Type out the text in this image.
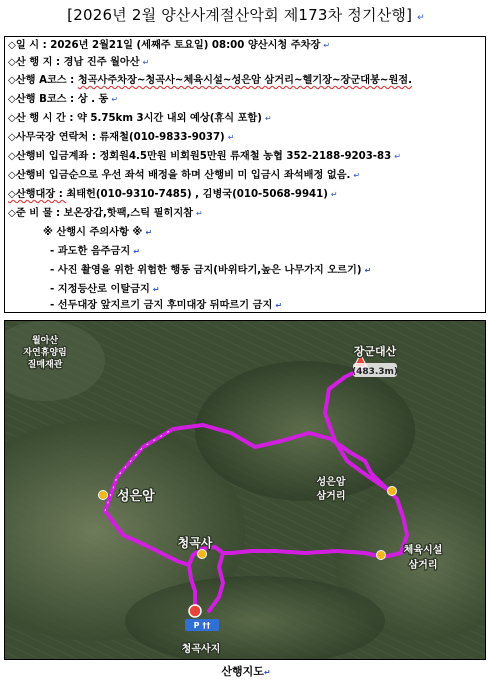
[2026년 2월 양산사계절산악회 제173차 정기산행] ↵
◇일 시 : 2026년 2월21일 (세째주 토요일) 08:00 양산시청 주차장 ↵
◇산 행 지 : 경남 진주 월아산 ↵
◇산행 A코스 : 청곡사주차장~청곡사~체육시설~성은암 삼거리~헬기장~장군대봉~원점.
◇산행 B코스 : 상 . 동 ↵
◇산 행 시 간 : 약 5.75km 3시간 내외 예상(휴식 포함) ↵
◇사무국장 연락처 : 류재철(010-9833-9037) ↵
◇산행비 입금계좌 : 정회원4.5만원 비회원5만원 류재철 농협 352-2188-9203-83 ↵
◇산행비 입금순으로 우선 좌석 배정을 하며 산행비 미 입금시 좌석배정 없음. ↵
◇산행대장 : 최태헌(010-9310-7485) , 김병국(010-5068-9941) ↵
◇준 비 물 : 보온장갑,핫팩,스틱 필히지참 ↵
※ 산행시 주의사항 ※ ↵
- 과도한 음주금지 ↵
- 사진 촬영을 위한 위험한 행동 금지(바위타기,높은 나무가지 오르기) ↵
- 지정등산로 이탈금지 ↵
- 선두대장 앞지르기 금지 후미대장 뒤따르기 금지 ↵
월아산
자연휴양림
질매재관
장군대산
성은암
성은암
삼거리
청곡사
체육시설
삼거리
청곡사지
(483.3m)
P ††
산행지도↵
